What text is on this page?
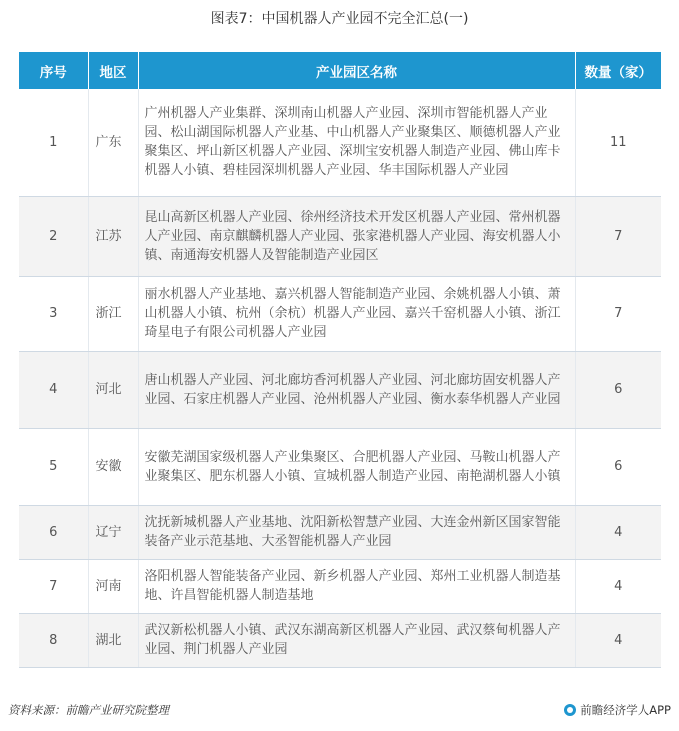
图表7：中国机器人产业园不完全汇总(一)
序号	地区	产业园区名称	数量（家）
1	广东	广州机器人产业集群、深圳南山机器人产业园、深圳市智能机器人产业园、松山湖国际机器人产业基、中山机器人产业聚集区、顺德机器人产业聚集区、坪山新区机器人产业园、深圳宝安机器人制造产业园、佛山库卡机器人小镇、碧桂园深圳机器人产业园、华丰国际机器人产业园	11
2	江苏	昆山高新区机器人产业园、徐州经济技术开发区机器人产业园、常州机器人产业园、南京麒麟机器人产业园、张家港机器人产业园、海安机器人小镇、南通海安机器人及智能制造产业园区	7
3	浙江	丽水机器人产业基地、嘉兴机器人智能制造产业园、余姚机器人小镇、萧山机器人小镇、杭州（余杭）机器人产业园、嘉兴千窑机器人小镇、浙江琦星电子有限公司机器人产业园	7
4	河北	唐山机器人产业园、河北廊坊香河机器人产业园、河北廊坊固安机器人产业园、石家庄机器人产业园、沧州机器人产业园、衡水泰华机器人产业园	6
5	安徽	安徽芜湖国家级机器人产业集聚区、合肥机器人产业园、马鞍山机器人产业聚集区、肥东机器人小镇、宣城机器人制造产业园、南艳湖机器人小镇	6
6	辽宁	沈抚新城机器人产业基地、沈阳新松智慧产业园、大连金州新区国家智能装备产业示范基地、大丞智能机器人产业园	4
7	河南	洛阳机器人智能装备产业园、新乡机器人产业园、郑州工业机器人制造基地、许昌智能机器人制造基地	4
8	湖北	武汉新松机器人小镇、武汉东湖高新区机器人产业园、武汉蔡甸机器人产业园、荆门机器人产业园	4
资料来源：前瞻产业研究院整理	前瞻经济学人APP
